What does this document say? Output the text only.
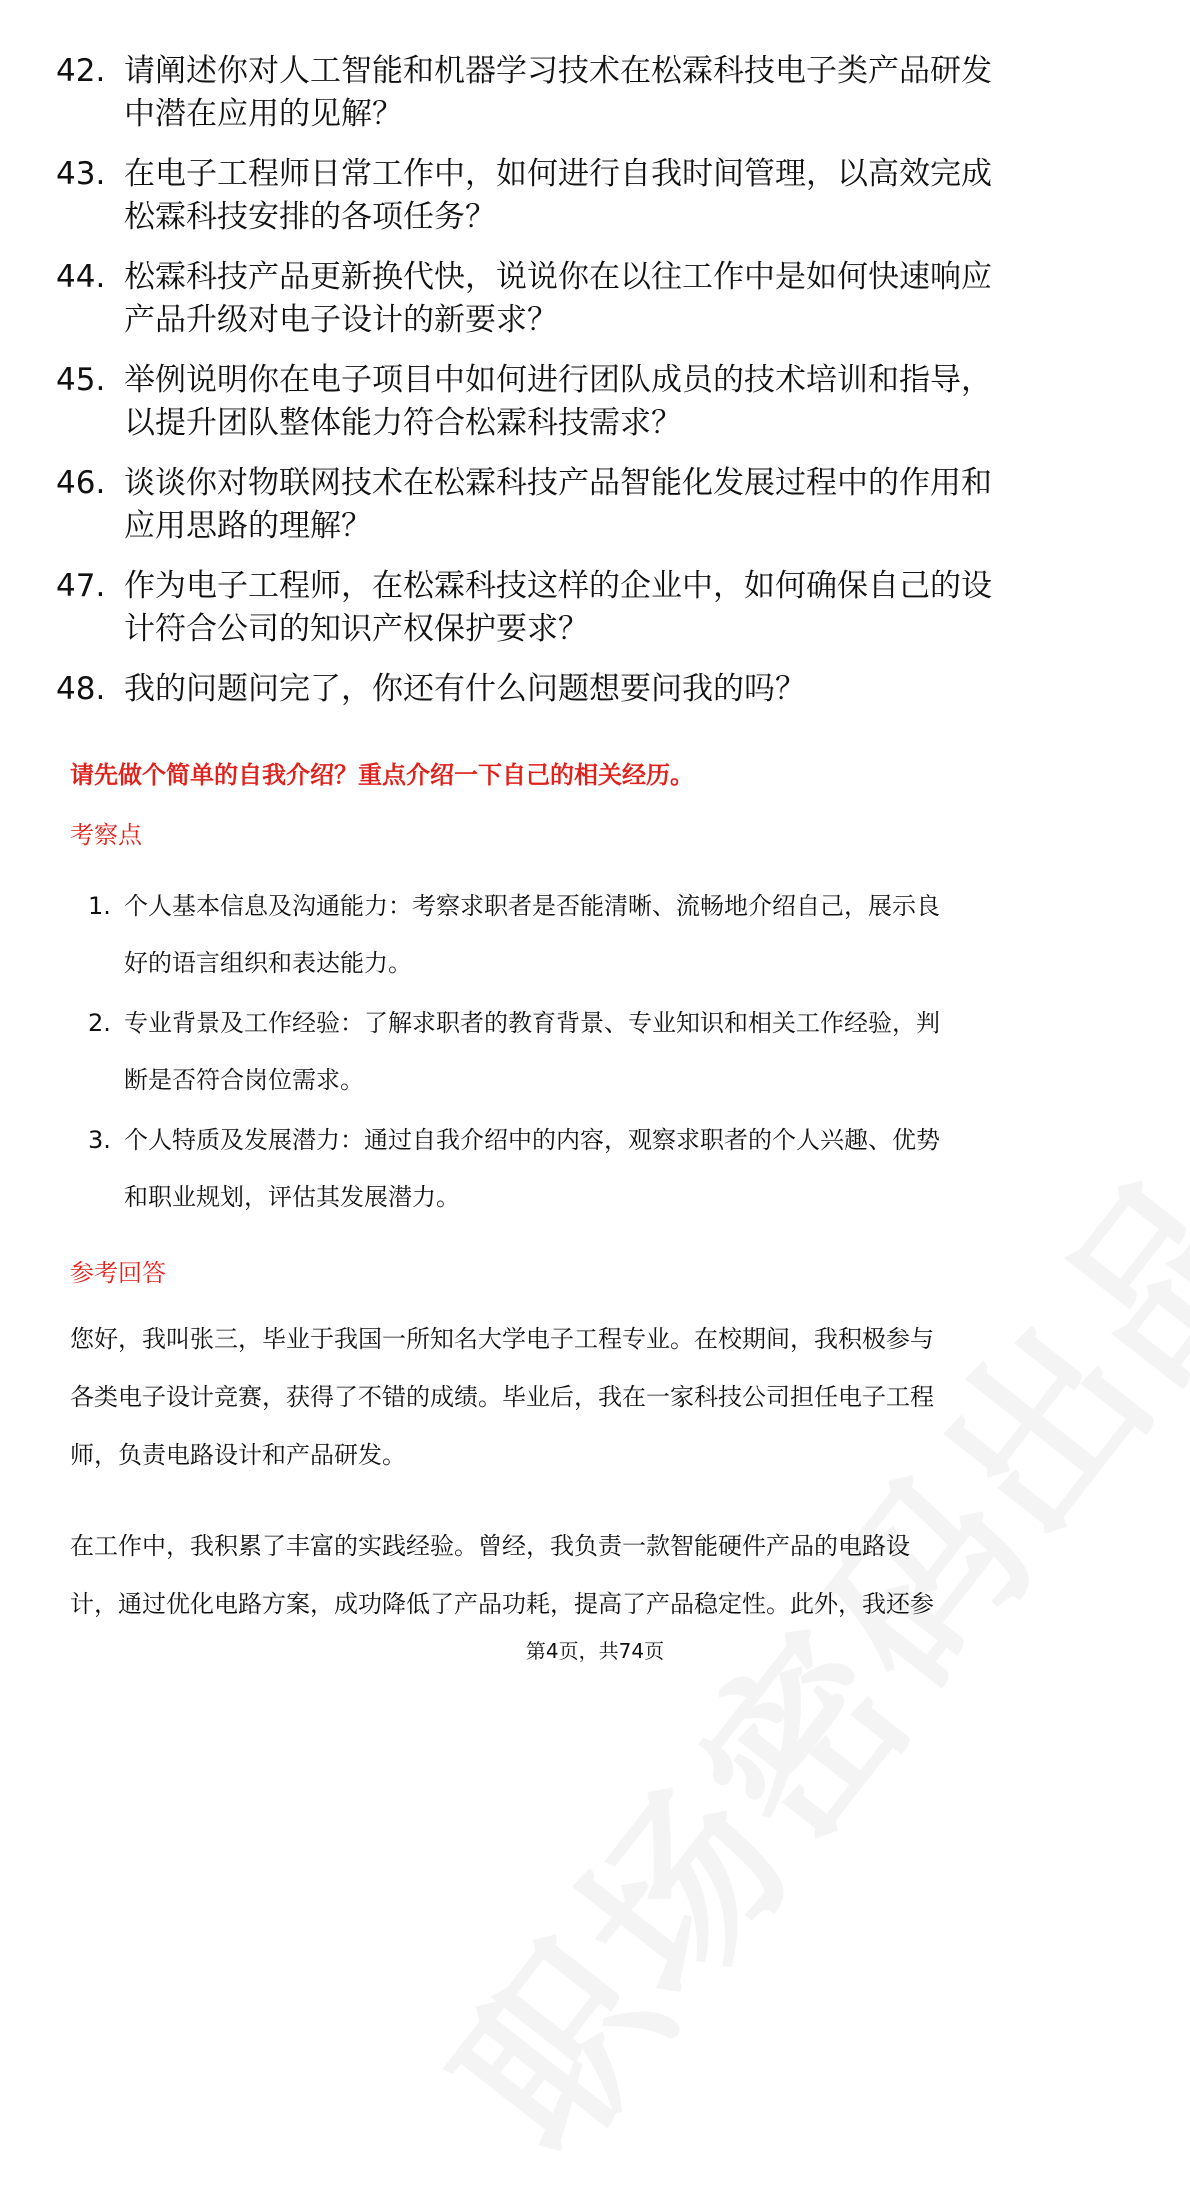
42. 请阐述你对人工智能和机器学习技术在松霖科技电子类产品研发
中潜在应用的见解？
43. 在电子工程师日常工作中，如何进行自我时间管理，以高效完成
松霖科技安排的各项任务？
44. 松霖科技产品更新换代快，说说你在以往工作中是如何快速响应
产品升级对电子设计的新要求？
45. 举例说明你在电子项目中如何进行团队成员的技术培训和指导，
以提升团队整体能力符合松霖科技需求？
46. 谈谈你对物联网技术在松霖科技产品智能化发展过程中的作用和
应用思路的理解？
47. 作为电子工程师，在松霖科技这样的企业中，如何确保自己的设
计符合公司的知识产权保护要求？
48. 我的问题问完了，你还有什么问题想要问我的吗？
请先做个简单的自我介绍？重点介绍一下自己的相关经历。
考察点
1. 个人基本信息及沟通能力：考察求职者是否能清晰、流畅地介绍自己，展示良
好的语言组织和表达能力。
2. 专业背景及工作经验：了解求职者的教育背景、专业知识和相关工作经验，判
断是否符合岗位需求。
3. 个人特质及发展潜力：通过自我介绍中的内容，观察求职者的个人兴趣、优势
和职业规划，评估其发展潜力。
参考回答
您好，我叫张三，毕业于我国一所知名大学电子工程专业。在校期间，我积极参与
各类电子设计竞赛，获得了不错的成绩。毕业后，我在一家科技公司担任电子工程
师，负责电路设计和产品研发。
在工作中，我积累了丰富的实践经验。曾经，我负责一款智能硬件产品的电路设
计，通过优化电路方案，成功降低了产品功耗，提高了产品稳定性。此外，我还参
第4页，共74页
